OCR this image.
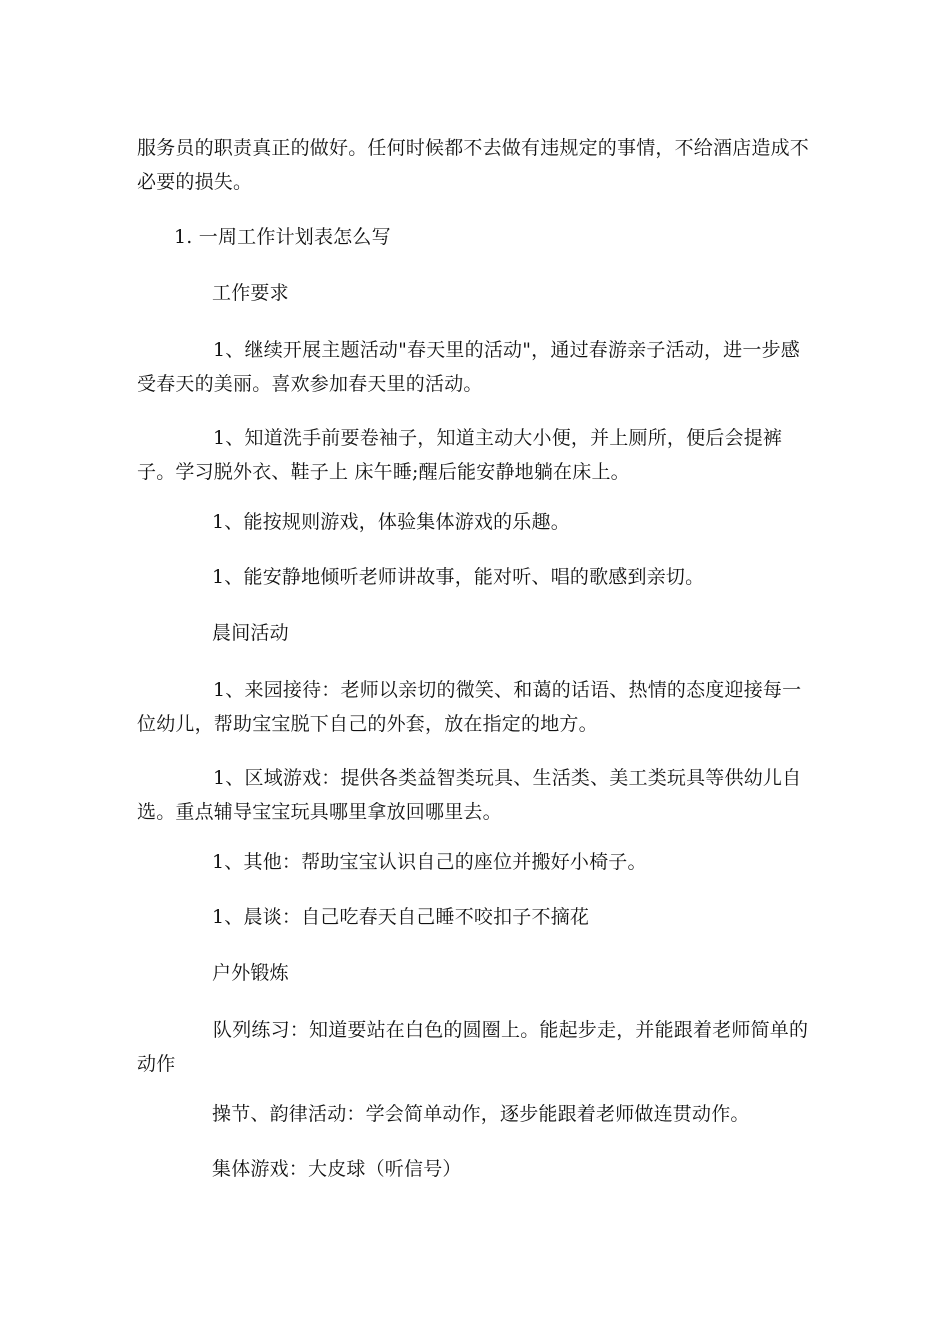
服务员的职责真正的做好。任何时候都不去做有违规定的事情，不给酒店造成不必要的损失。

1. 一周工作计划表怎么写

工作要求

1、继续开展主题活动"春天里的活动"，通过春游亲子活动，进一步感受春天的美丽。喜欢参加春天里的活动。

1、知道洗手前要卷袖子，知道主动大小便，并上厕所，便后会提裤子。学习脱外衣、鞋子上 床午睡;醒后能安静地躺在床上。

1、能按规则游戏，体验集体游戏的乐趣。

1、能安静地倾听老师讲故事，能对听、唱的歌感到亲切。

晨间活动

1、来园接待：老师以亲切的微笑、和蔼的话语、热情的态度迎接每一位幼儿，帮助宝宝脱下自己的外套，放在指定的地方。

1、区域游戏：提供各类益智类玩具、生活类、美工类玩具等供幼儿自选。重点辅导宝宝玩具哪里拿放回哪里去。

1、其他：帮助宝宝认识自己的座位并搬好小椅子。

1、晨谈：自己吃春天自己睡不咬扣子不摘花

户外锻炼

队列练习：知道要站在白色的圆圈上。能起步走，并能跟着老师简单的动作

操节、韵律活动：学会简单动作，逐步能跟着老师做连贯动作。

集体游戏：大皮球（听信号）
